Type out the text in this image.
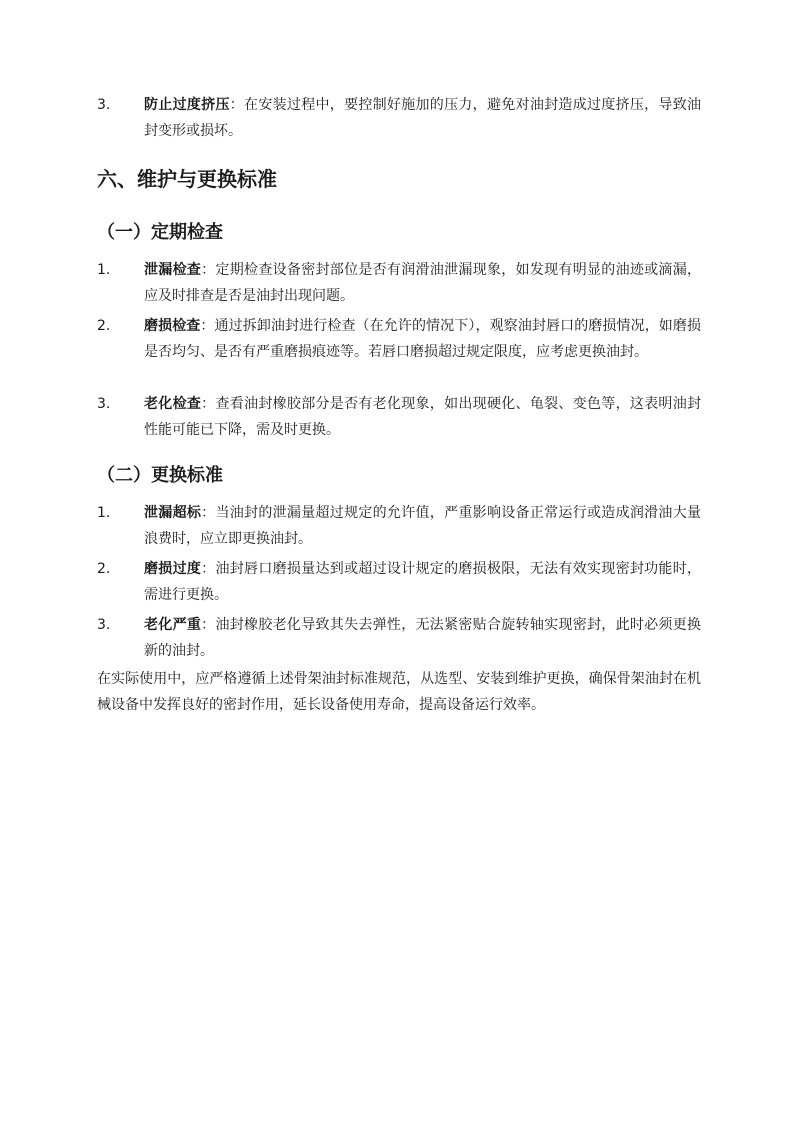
3.	防止过度挤压：在安装过程中，要控制好施加的压力，避免对油封造成过度挤压，导致油封变形或损坏。
六、维护与更换标准
（一）定期检查
1.	泄漏检查：定期检查设备密封部位是否有润滑油泄漏现象，如发现有明显的油迹或滴漏，应及时排查是否是油封出现问题。
2.	磨损检查：通过拆卸油封进行检查（在允许的情况下），观察油封唇口的磨损情况，如磨损是否均匀、是否有严重磨损痕迹等。若唇口磨损超过规定限度，应考虑更换油封。
3.	老化检查：查看油封橡胶部分是否有老化现象，如出现硬化、龟裂、变色等，这表明油封性能可能已下降，需及时更换。
（二）更换标准
1.	泄漏超标：当油封的泄漏量超过规定的允许值，严重影响设备正常运行或造成润滑油大量浪费时，应立即更换油封。
2.	磨损过度：油封唇口磨损量达到或超过设计规定的磨损极限，无法有效实现密封功能时，需进行更换。
3.	老化严重：油封橡胶老化导致其失去弹性，无法紧密贴合旋转轴实现密封，此时必须更换新的油封。
在实际使用中，应严格遵循上述骨架油封标准规范，从选型、安装到维护更换，确保骨架油封在机械设备中发挥良好的密封作用，延长设备使用寿命，提高设备运行效率。
